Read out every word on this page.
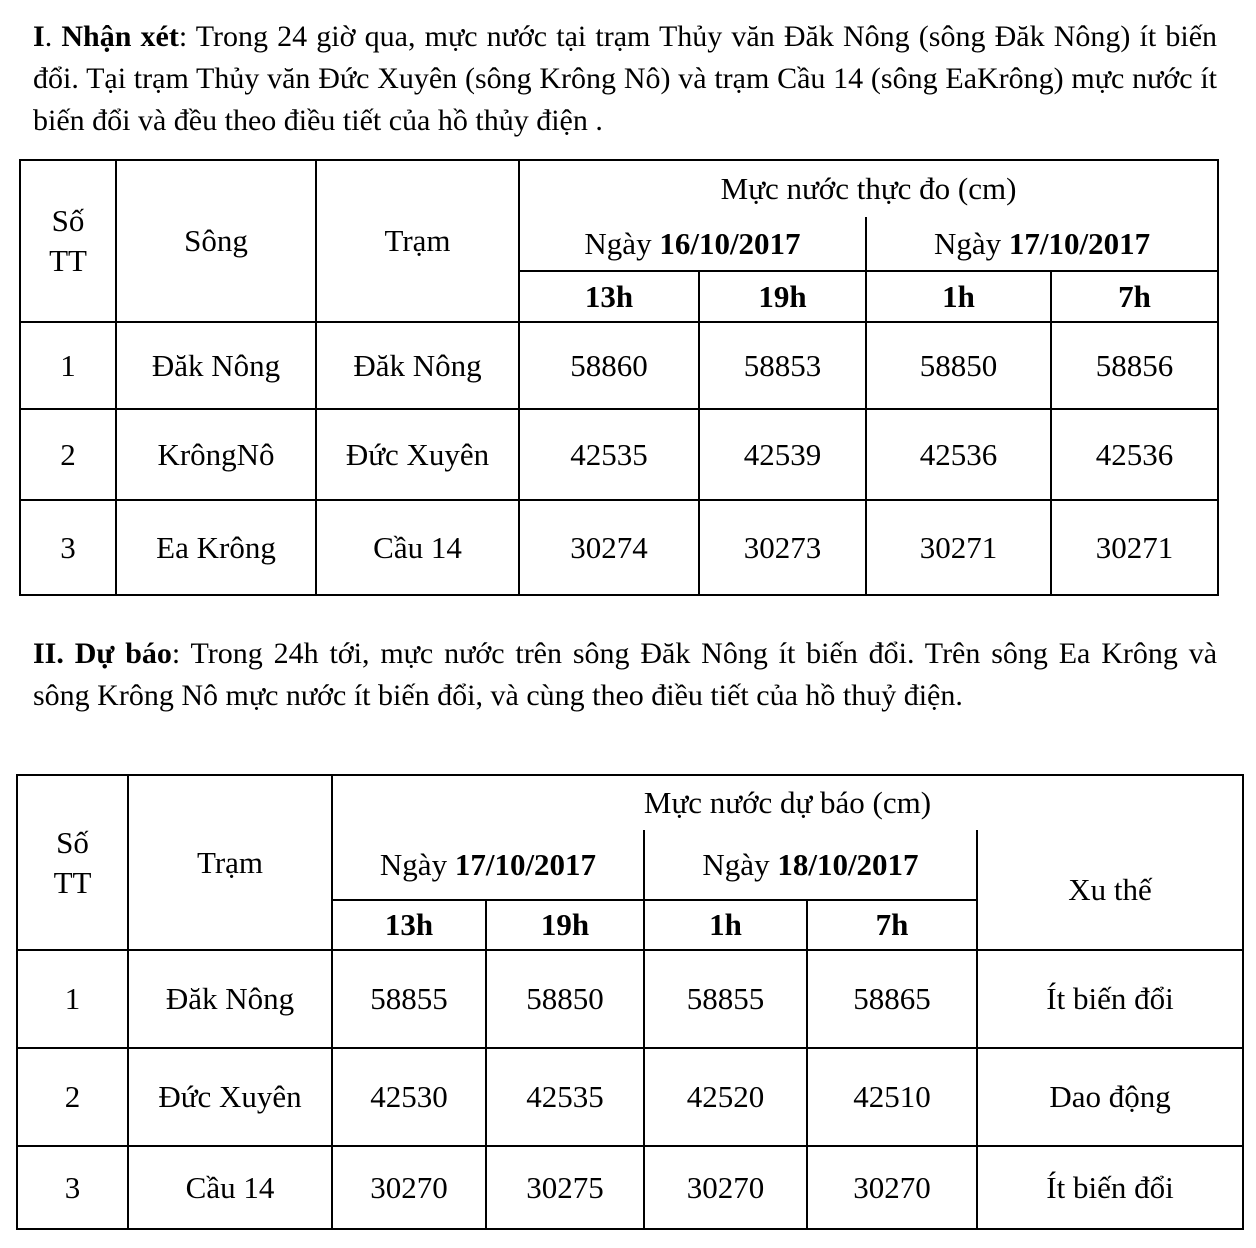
I. Nhận xét: Trong 24 giờ qua, mực nước tại trạm Thủy văn Đăk Nông (sông Đăk Nông) ít biến đổi. Tại trạm Thủy văn Đức Xuyên (sông Krông Nô) và trạm Cầu 14 (sông EaKrông) mực nước ít biến đổi và đều theo điều tiết của hồ thủy điện .
Số
TT	Sông	Trạm	Mực nước thực đo (cm)			
			Ngày 16/10/2017		Ngày 17/10/2017	
			13h	19h	1h	7h
1	Đăk Nông	Đăk Nông	58860	58853	58850	58856
2	KrôngNô	Đức Xuyên	42535	42539	42536	42536
3	Ea Krông	Cầu 14	30274	30273	30271	30271
II. Dự báo: Trong 24h tới, mực nước trên sông Đăk Nông ít biến đổi. Trên sông Ea Krông và sông Krông Nô mực nước ít biến đổi, và cùng theo điều tiết của hồ thuỷ điện.
Số
TT	Trạm	Mực nước dự báo (cm)				
		Ngày 17/10/2017		Ngày 18/10/2017		Xu thế
		13h	19h	1h	7h	
1	Đăk Nông	58855	58850	58855	58865	Ít biến đổi
2	Đức Xuyên	42530	42535	42520	42510	Dao động
3	Cầu 14	30270	30275	30270	30270	Ít biến đổi
